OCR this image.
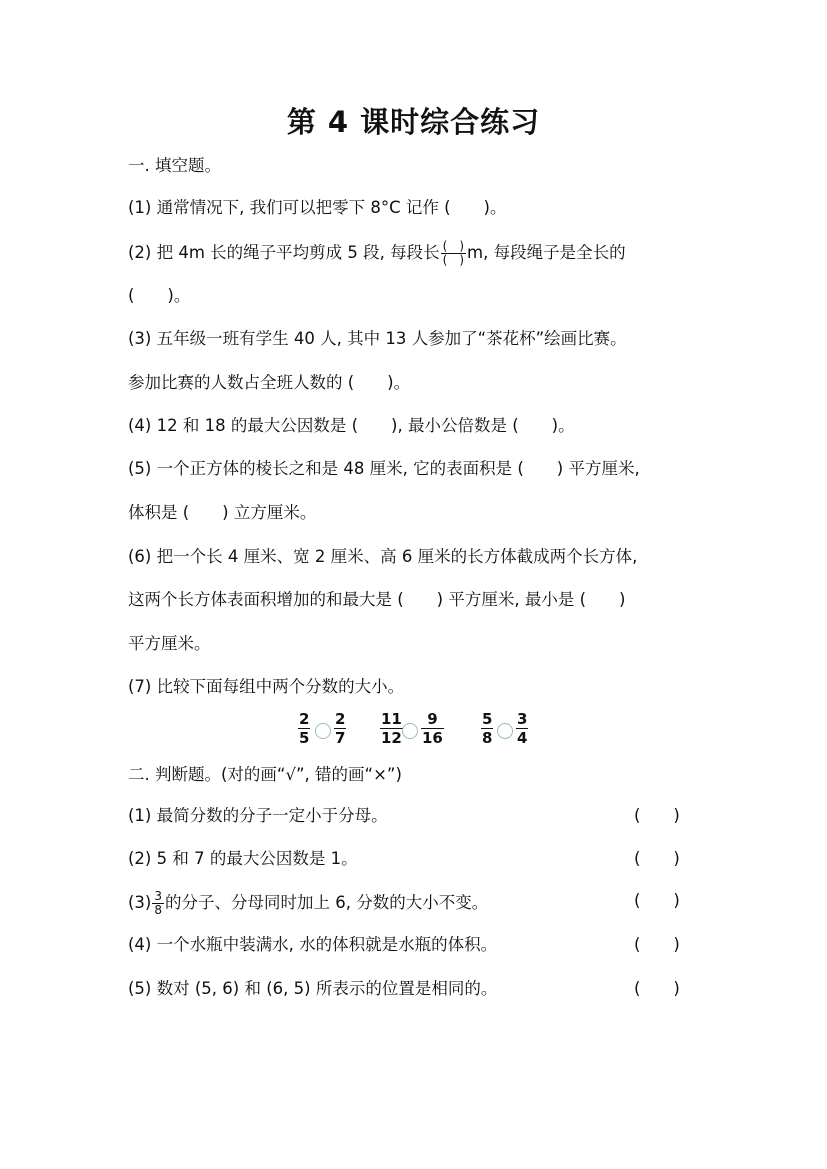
第 4 课时综合练习
一. 填空题。
(1) 通常情况下, 我们可以把零下 8°C 记作 (　　)。
(2) 把 4m 长的绳子平均剪成 5 段, 每段长 $\frac{( )}{( )} m$, 每段绳子是全长的
(　　)。
(3) 五年级一班有学生 40 人, 其中 13 人参加了“茶花杯”绘画比赛。
参加比赛的人数占全班人数的 (　　)。
(4) 12 和 18 的最大公因数是 (　　), 最小公倍数是 (　　)。
(5) 一个正方体的棱长之和是 48 厘米, 它的表面积是 (　　) 平方厘米,
体积是 (　　) 立方厘米。
(6) 把一个长 4 厘米、宽 2 厘米、高 6 厘米的长方体截成两个长方体,
这两个长方体表面积增加的和最大是 (　　) 平方厘米, 最小是 (　　)
平方厘米。
(7) 比较下面每组中两个分数的大小。
$\frac{2}{5} \frac{2}{7} \frac{11}{12} \frac{9}{16} \frac{5}{8} \frac{3}{4}$
二. 判断题。(对的画“√”, 错的画“×”)
(1) 最简分数的分子一定小于分母。	(　　)
(2) 5 和 7 的最大公因数是 1。	(　　)
$(3) \frac{3}{8}$ 的分子、分母同时加上 6, 分数的大小不变。	(　　)
(4) 一个水瓶中装满水, 水的体积就是水瓶的体积。	(　　)
(5) 数对 (5, 6) 和 (6, 5) 所表示的位置是相同的。	(　　)
